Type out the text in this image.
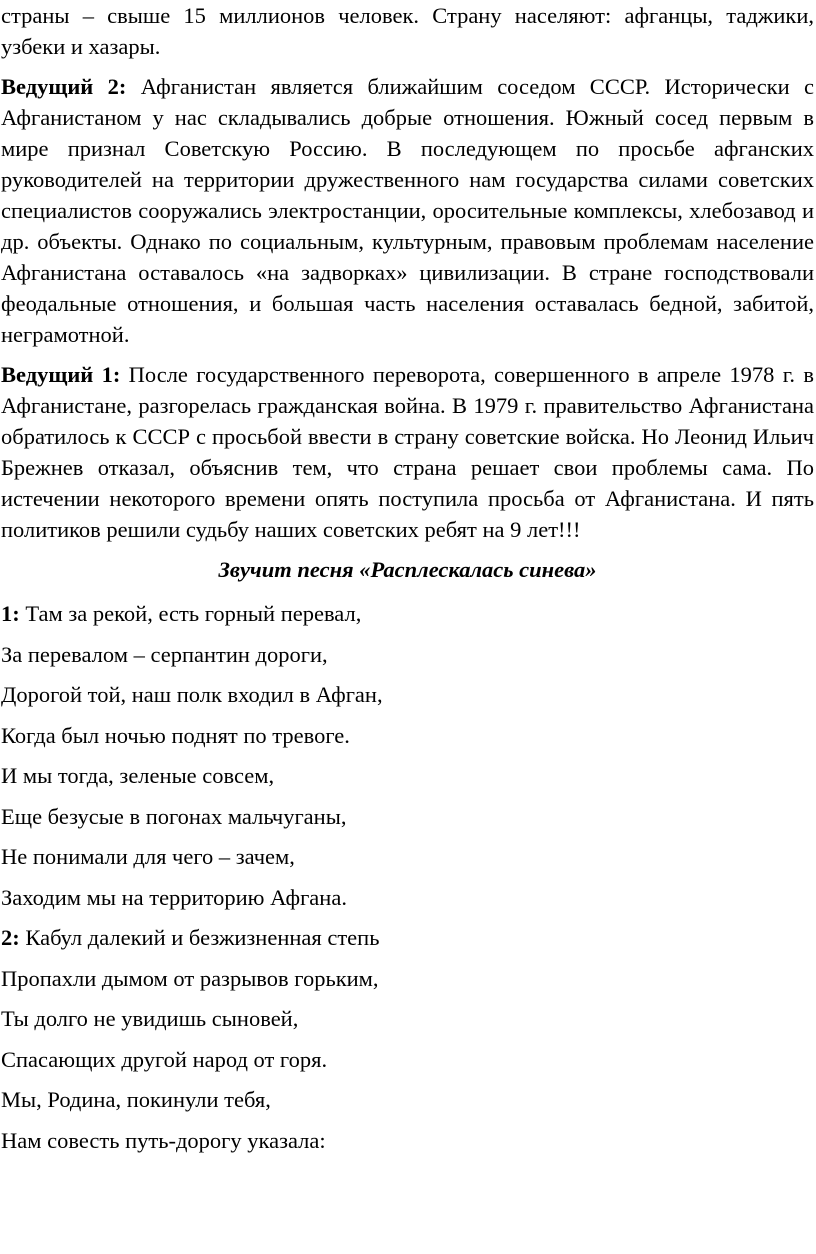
страны – свыше 15 миллионов человек. Страну населяют: афганцы, таджики, узбеки и хазары.

Ведущий 2: Афганистан является ближайшим соседом СССР. Исторически с Афганистаном у нас складывались добрые отношения. Южный сосед первым в мире признал Советскую Россию. В последующем по просьбе афганских руководителей на территории дружественного нам государства силами советских специалистов сооружались электростанции, оросительные комплексы, хлебозавод и др. объекты. Однако по социальным, культурным, правовым проблемам население Афганистана оставалось «на задворках» цивилизации. В стране господствовали феодальные отношения, и большая часть населения оставалась бедной, забитой, неграмотной.

Ведущий 1: После государственного переворота, совершенного в апреле 1978 г. в Афганистане, разгорелась гражданская война. В 1979 г. правительство Афганистана обратилось к СССР с просьбой ввести в страну советские войска. Но Леонид Ильич Брежнев отказал, объяснив тем, что страна решает свои проблемы сама. По истечении некоторого времени опять поступила просьба от Афганистана. И пять политиков решили судьбу наших советских ребят на 9 лет!!!

Звучит песня «Расплескалась синева»

1: Там за рекой, есть горный перевал,

За перевалом – серпантин дороги,

Дорогой той, наш полк входил в Афган,

Когда был ночью поднят по тревоге.

И мы тогда, зеленые совсем,

Еще безусые в погонах мальчуганы,

Не понимали для чего – зачем,

Заходим мы на территорию Афгана.

2: Кабул далекий и безжизненная степь

Пропахли дымом от разрывов горьким,

Ты долго не увидишь сыновей,

Спасающих другой народ от горя.

Мы, Родина, покинули тебя,

Нам совесть путь-дорогу указала:
